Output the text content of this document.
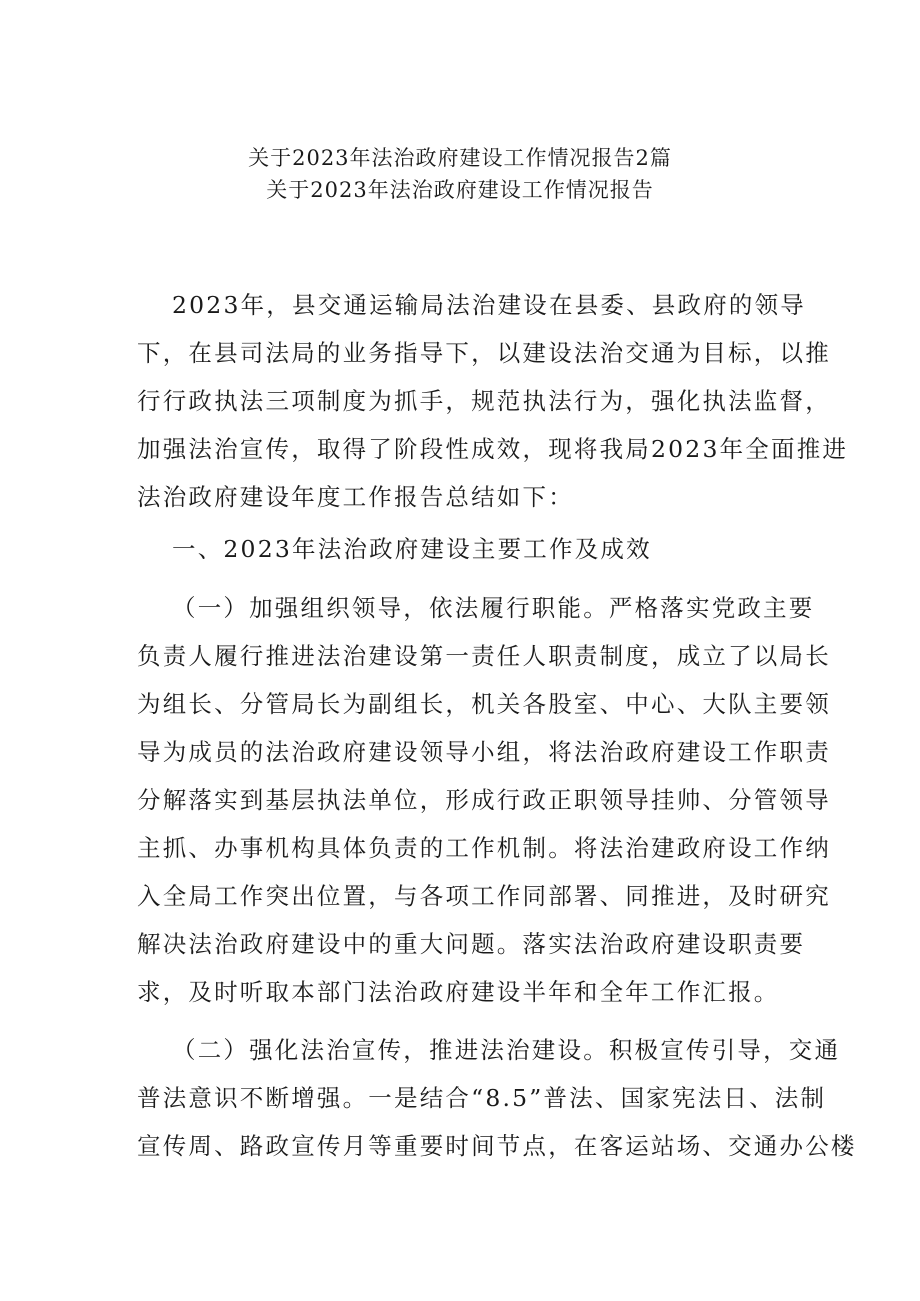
关于2023年法治政府建设工作情况报告2篇
关于2023年法治政府建设工作情况报告
2023年，县交通运输局法治建设在县委、县政府的领导
下，在县司法局的业务指导下，以建设法治交通为目标，以推
行行政执法三项制度为抓手，规范执法行为，强化执法监督，
加强法治宣传，取得了阶段性成效，现将我局2023年全面推进
法治政府建设年度工作报告总结如下：
一、2023年法治政府建设主要工作及成效
（一）加强组织领导，依法履行职能。严格落实党政主要
负责人履行推进法治建设第一责任人职责制度，成立了以局长
为组长、分管局长为副组长，机关各股室、中心、大队主要领
导为成员的法治政府建设领导小组，将法治政府建设工作职责
分解落实到基层执法单位，形成行政正职领导挂帅、分管领导
主抓、办事机构具体负责的工作机制。将法治建政府设工作纳
入全局工作突出位置，与各项工作同部署、同推进，及时研究
解决法治政府建设中的重大问题。落实法治政府建设职责要
求，及时听取本部门法治政府建设半年和全年工作汇报。
（二）强化法治宣传，推进法治建设。积极宣传引导，交通
普法意识不断增强。一是结合“8.5”普法、国家宪法日、法制
宣传周、路政宣传月等重要时间节点，在客运站场、交通办公楼
